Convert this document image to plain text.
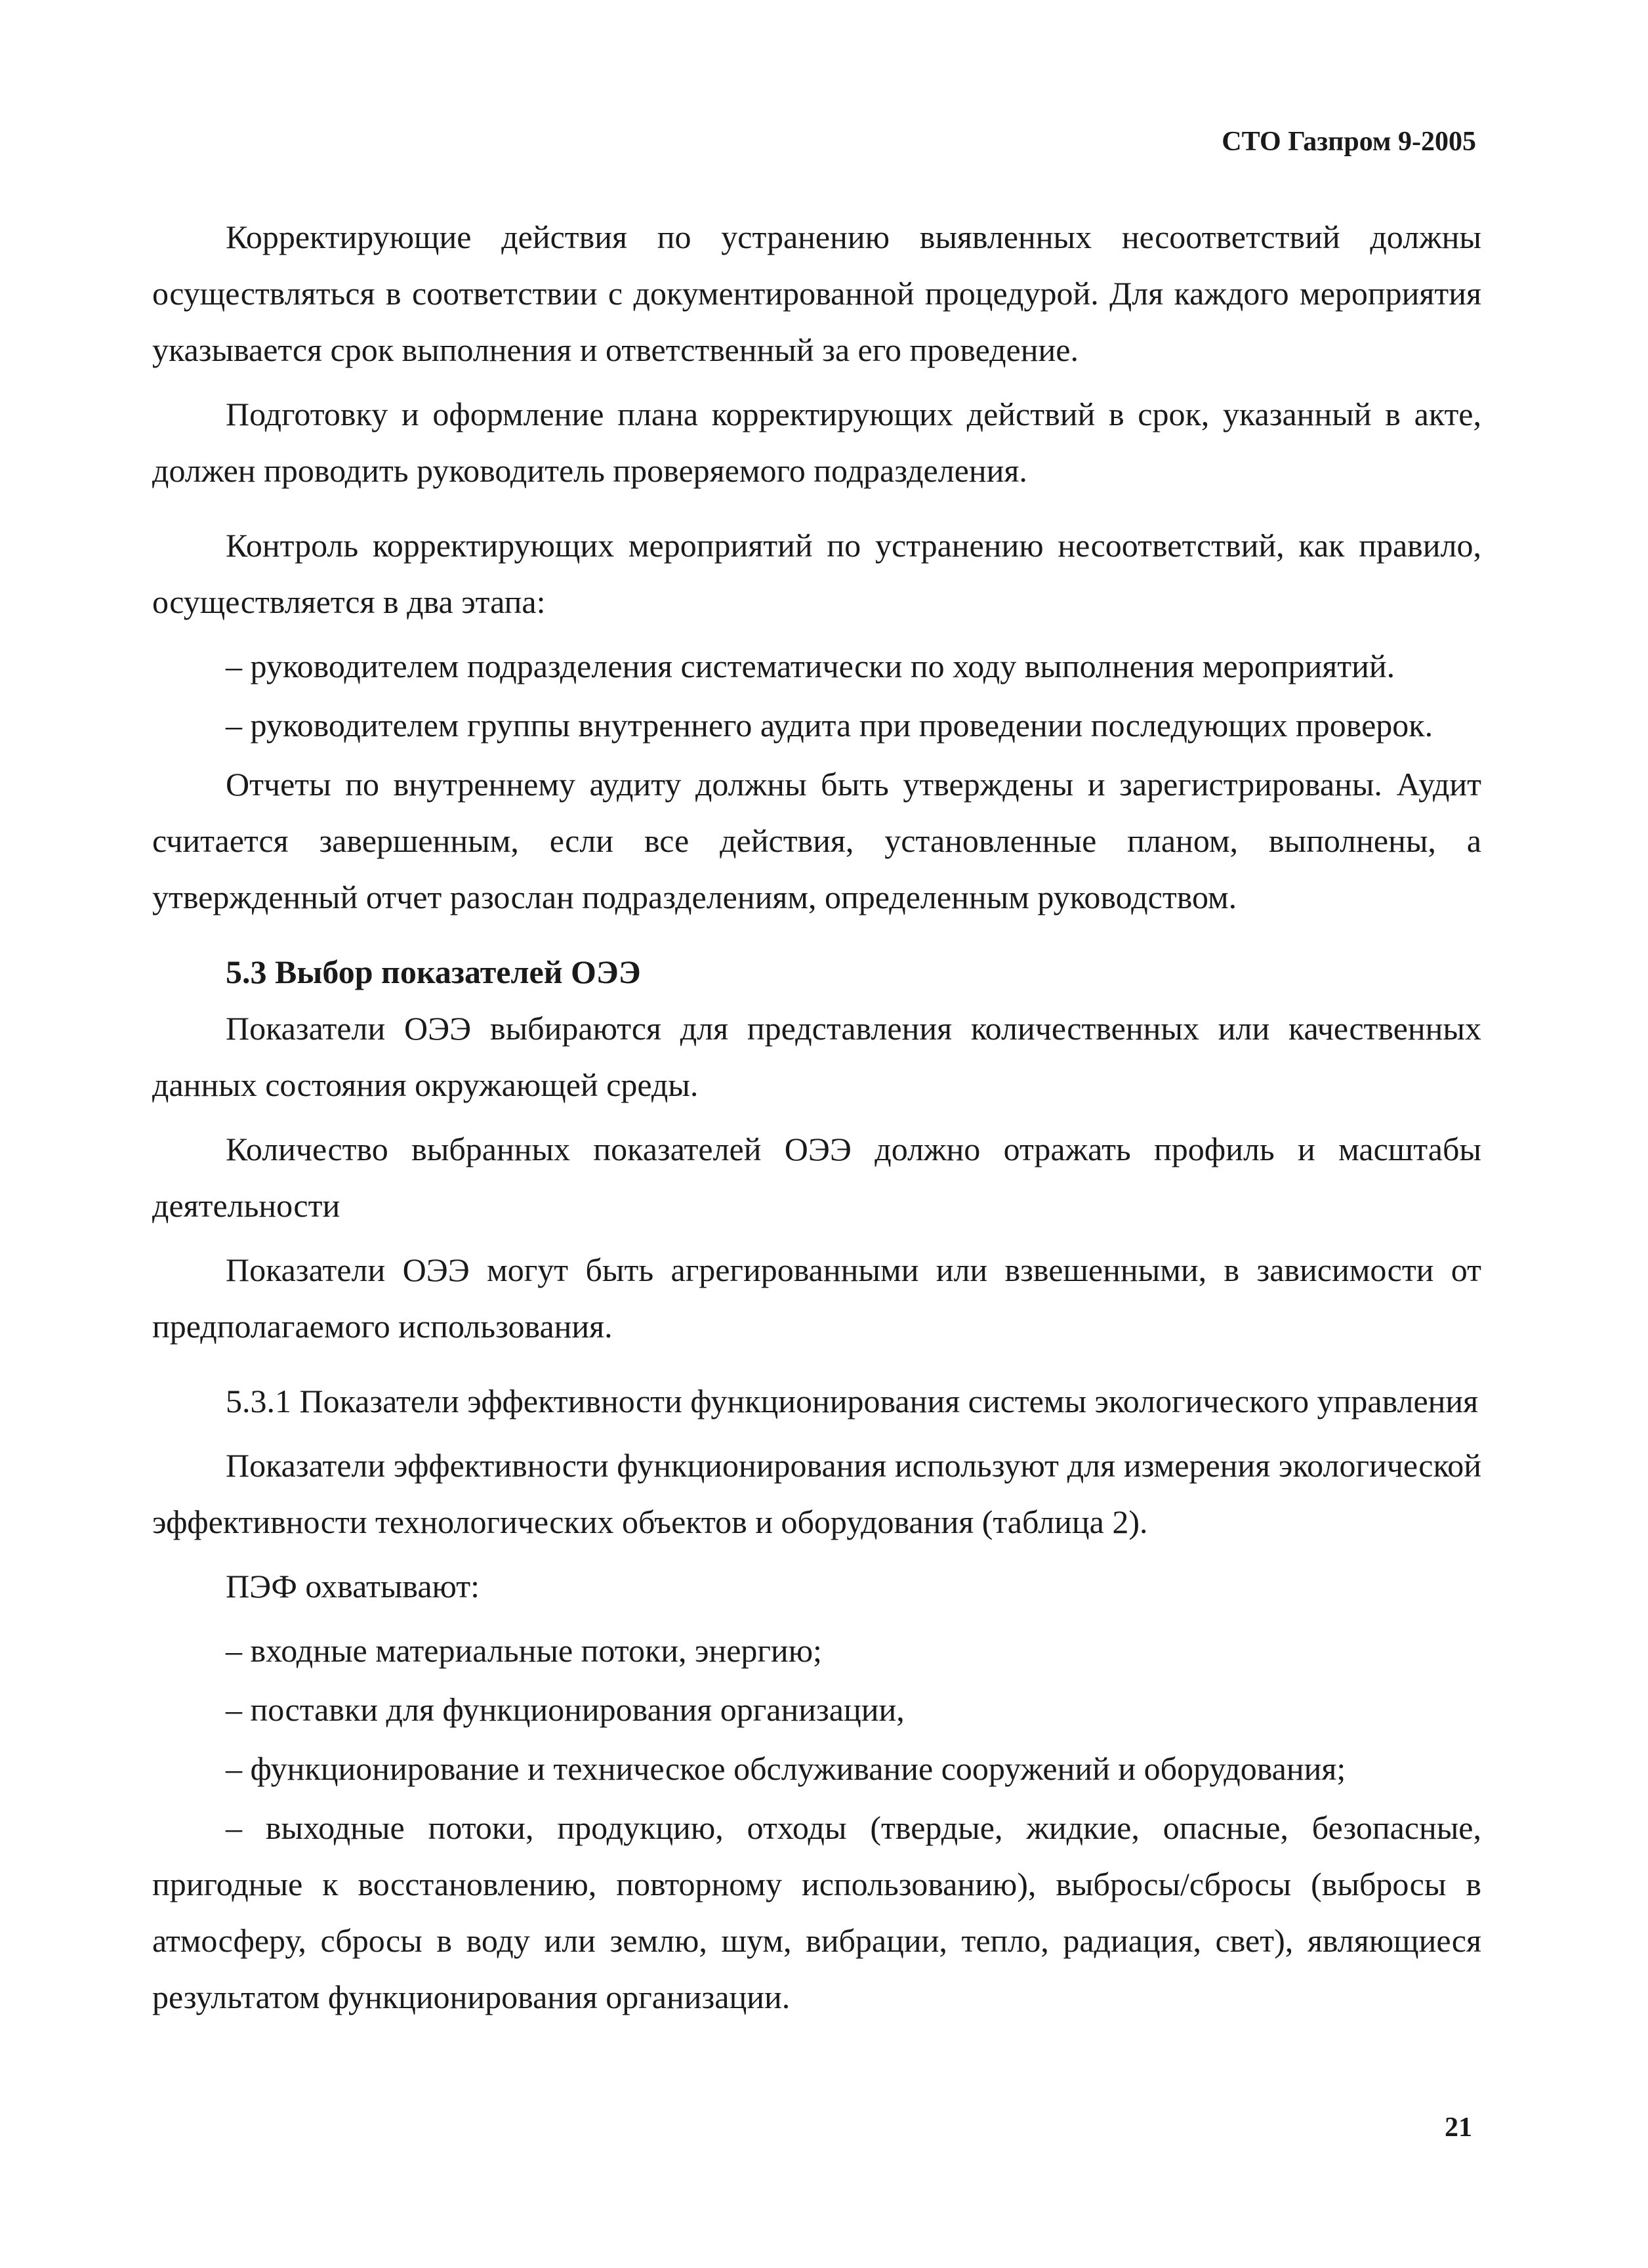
СТО Газпром 9-2005

Корректирующие действия по устранению выявленных несоответствий должны осуществляться в соответствии с документированной процедурой. Для каждого мероприятия указывается срок выполнения и ответственный за его проведение.

Подготовку и оформление плана корректирующих действий в срок, указанный в акте, должен проводить руководитель проверяемого подразделения.

Контроль корректирующих мероприятий по устранению несоответствий, как правило, осуществляется в два этапа:

– руководителем подразделения систематически по ходу выполнения мероприятий.

– руководителем группы внутреннего аудита при проведении последующих проверок.

Отчеты по внутреннему аудиту должны быть утверждены и зарегистрированы. Аудит считается завершенным, если все действия, установленные планом, выполнены, а утвержденный отчет разослан подразделениям, определенным руководством.

5.3 Выбор показателей ОЭЭ

Показатели ОЭЭ выбираются для представления количественных или качественных данных состояния окружающей среды.

Количество выбранных показателей ОЭЭ должно отражать профиль и масштабы деятельности

Показатели ОЭЭ могут быть агрегированными или взвешенными, в зависимости от предполагаемого использования.

5.3.1 Показатели эффективности функционирования системы экологического управления

Показатели эффективности функционирования используют для измерения экологической эффективности технологических объектов и оборудования (таблица 2).

ПЭФ охватывают:

– входные материальные потоки, энергию;

– поставки для функционирования организации,

– функционирование и техническое обслуживание сооружений и оборудования;

– выходные потоки, продукцию, отходы (твердые, жидкие, опасные, безопасные, пригодные к восстановлению, повторному использованию), выбросы/сбросы (выбросы в атмосферу, сбросы в воду или землю, шум, вибрации, тепло, радиация, свет), являющиеся результатом функционирования организации.

21
